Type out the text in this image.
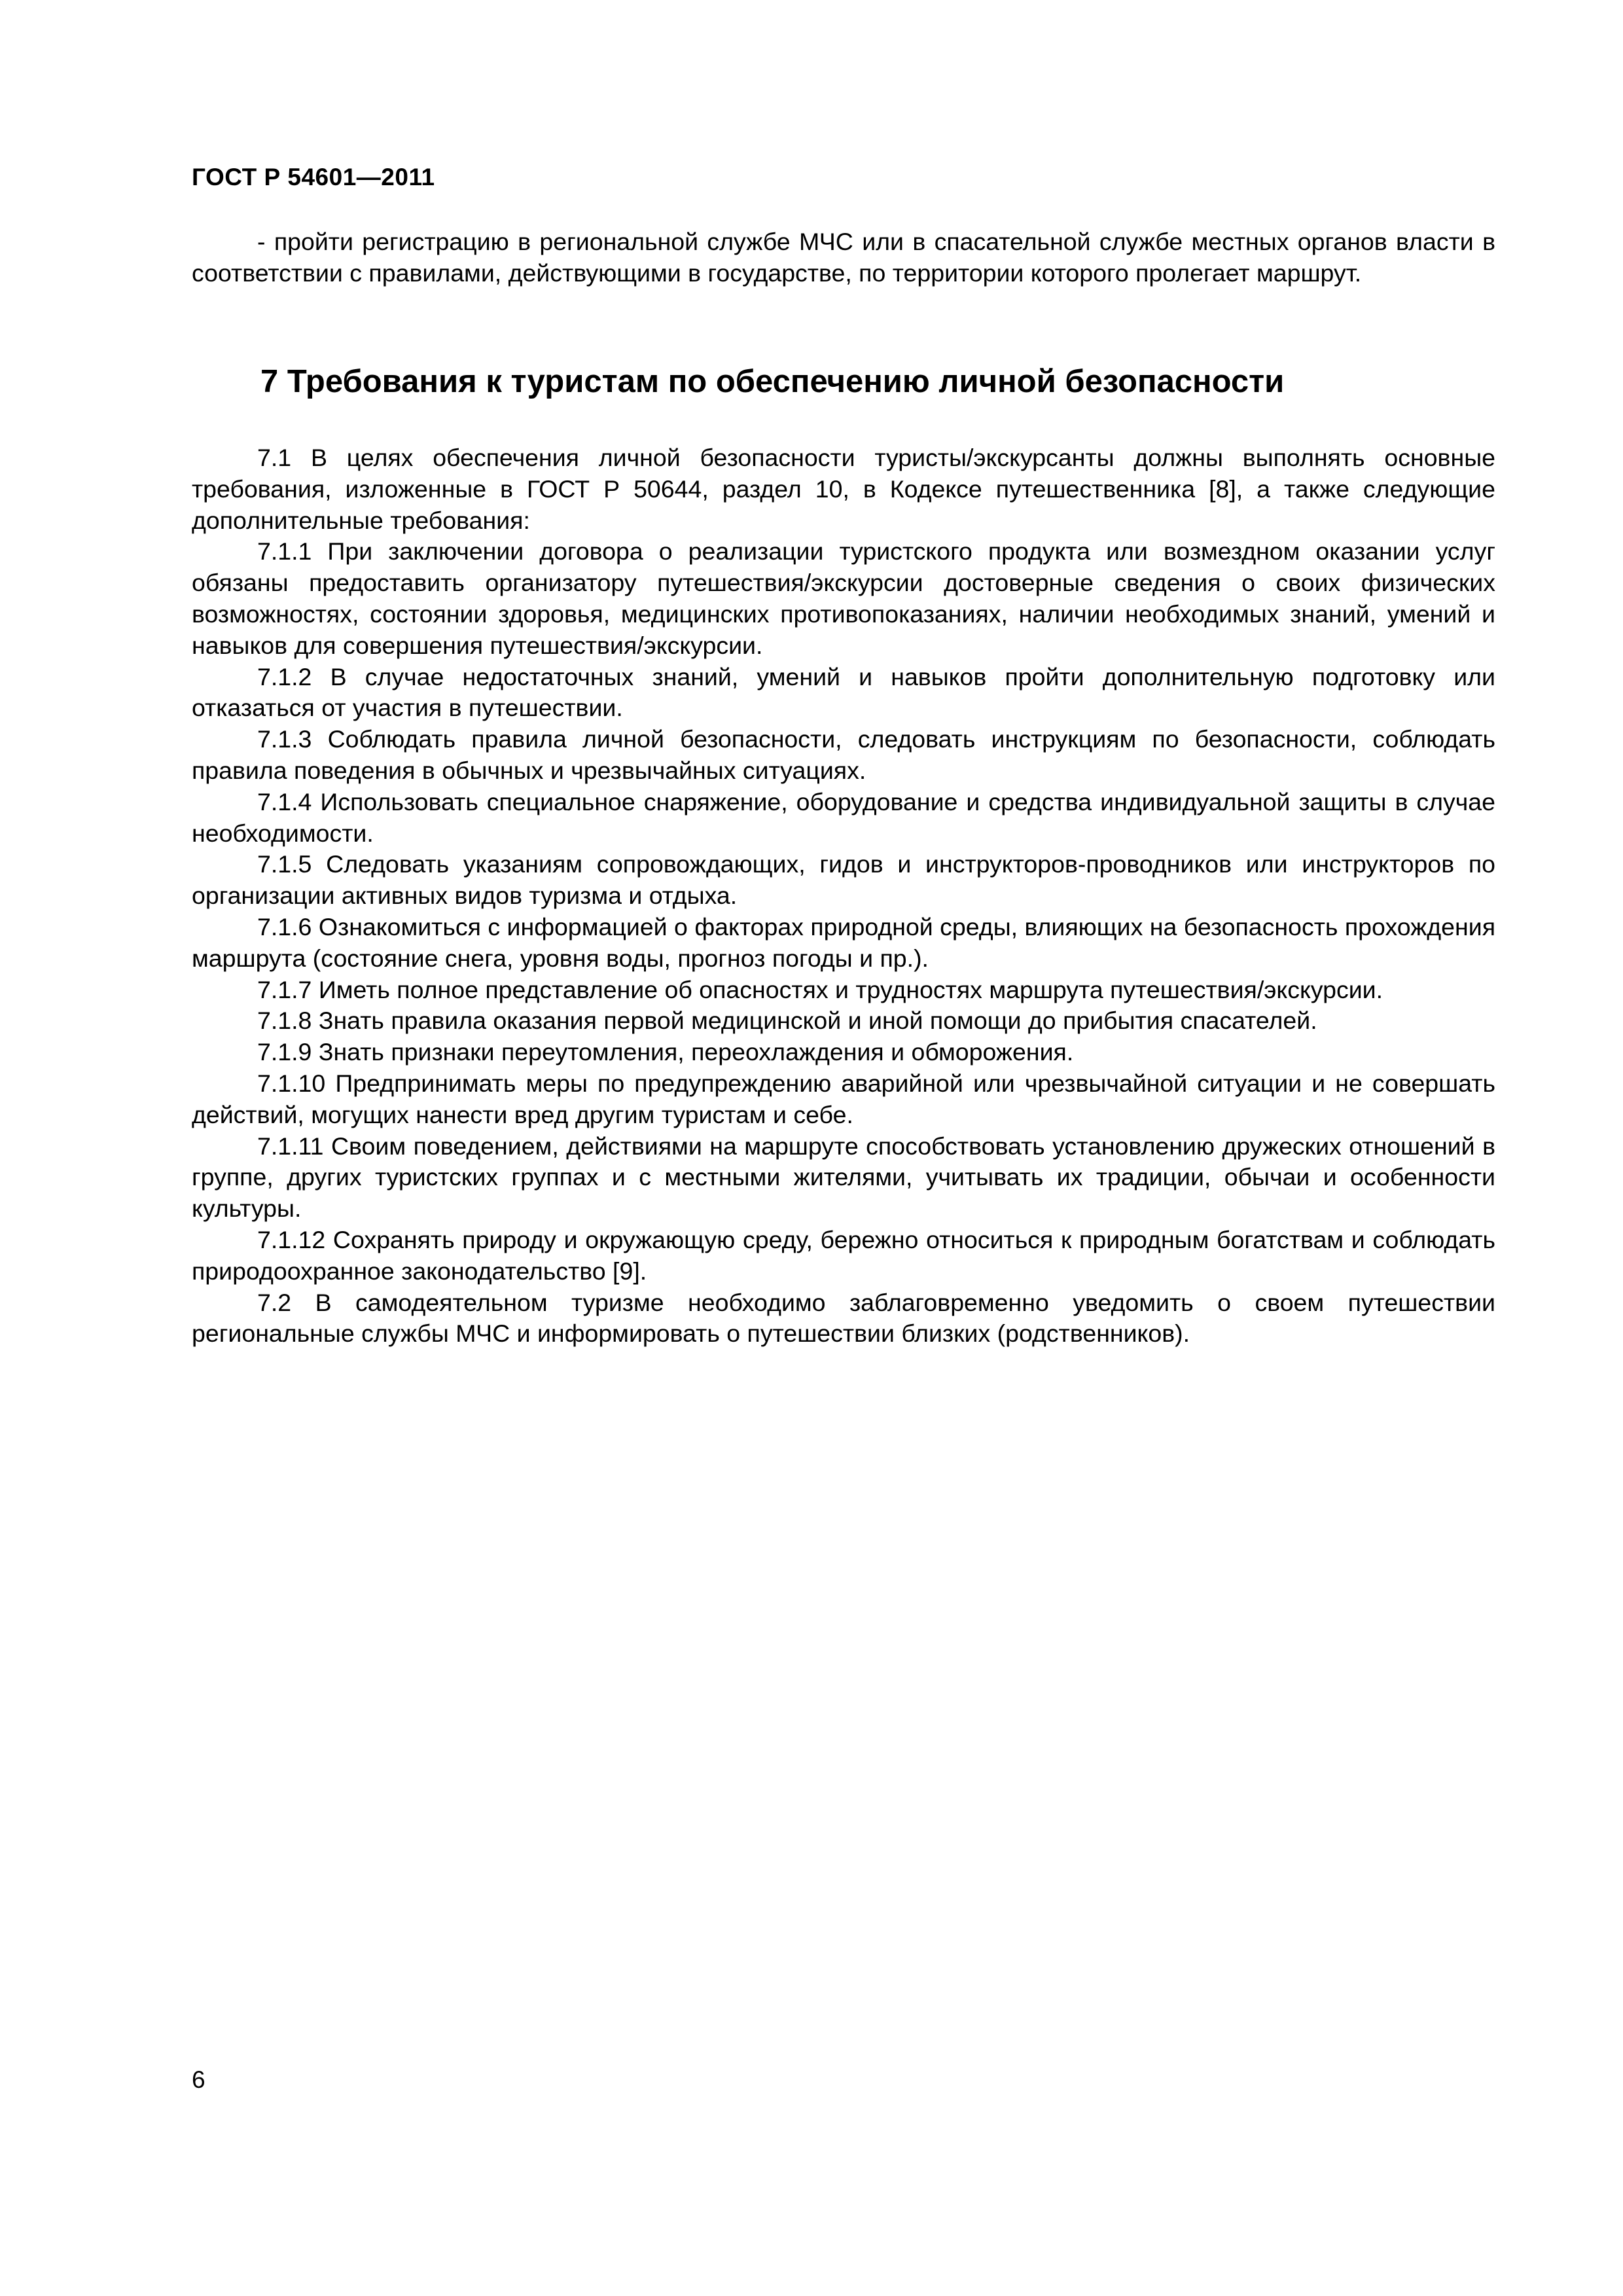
ГОСТ Р 54601—2011

- пройти регистрацию в региональной службе МЧС или в спасательной службе местных органов власти в соответствии с правилами, действующими в государстве, по территории которого пролегает маршрут.

7 Требования к туристам по обеспечению личной безопасности

7.1 В целях обеспечения личной безопасности туристы/экскурсанты должны выполнять основные требования, изложенные в ГОСТ Р 50644, раздел 10, в Кодексе путешественника [8], а также следующие дополнительные требования:

7.1.1 При заключении договора о реализации туристского продукта или возмездном оказании услуг обязаны предоставить организатору путешествия/экскурсии достоверные сведения о своих физических возможностях, состоянии здоровья, медицинских противопоказаниях, наличии необходимых знаний, умений и навыков для совершения путешествия/экскурсии.

7.1.2 В случае недостаточных знаний, умений и навыков пройти дополнительную подготовку или отказаться от участия в путешествии.

7.1.3 Соблюдать правила личной безопасности, следовать инструкциям по безопасности, соблюдать правила поведения в обычных и чрезвычайных ситуациях.

7.1.4 Использовать специальное снаряжение, оборудование и средства индивидуальной защиты в случае необходимости.

7.1.5 Следовать указаниям сопровождающих, гидов и инструкторов-проводников или инструкторов по организации активных видов туризма и отдыха.

7.1.6 Ознакомиться с информацией о факторах природной среды, влияющих на безопасность прохождения маршрута (состояние снега, уровня воды, прогноз погоды и пр.).

7.1.7 Иметь полное представление об опасностях и трудностях маршрута путешествия/экскурсии.

7.1.8 Знать правила оказания первой медицинской и иной помощи до прибытия спасателей.

7.1.9 Знать признаки переутомления, переохлаждения и обморожения.

7.1.10 Предпринимать меры по предупреждению аварийной или чрезвычайной ситуации и не совершать действий, могущих нанести вред другим туристам и себе.

7.1.11 Своим поведением, действиями на маршруте способствовать установлению дружеских отношений в группе, других туристских группах и с местными жителями, учитывать их традиции, обычаи и особенности культуры.

7.1.12 Сохранять природу и окружающую среду, бережно относиться к природным богатствам и соблюдать природоохранное законодательство [9].

7.2 В самодеятельном туризме необходимо заблаговременно уведомить о своем путешествии региональные службы МЧС и информировать о путешествии близких (родственников).

6
